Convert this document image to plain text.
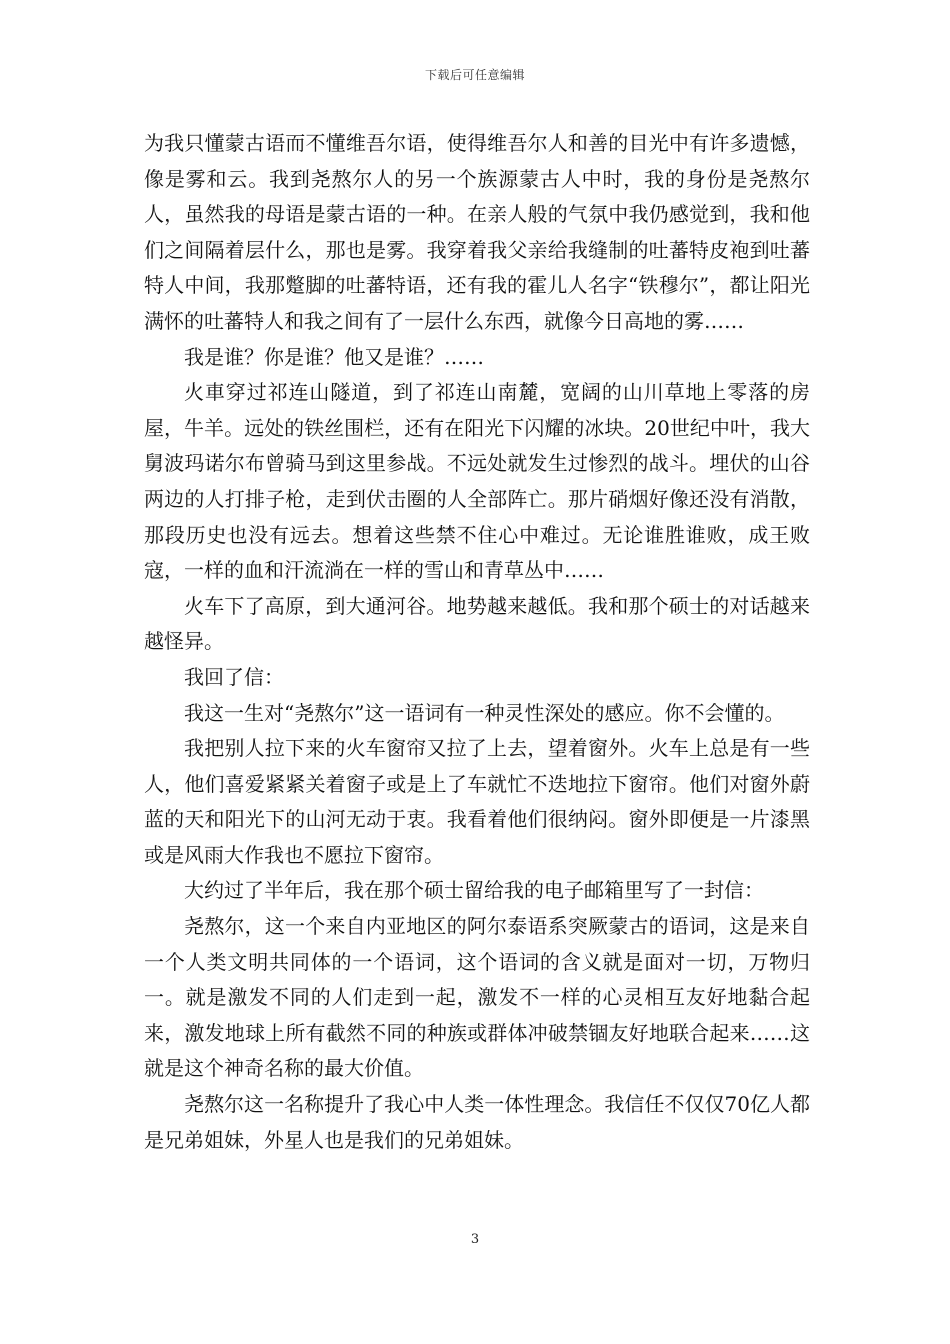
下载后可任意编辑

为我只懂蒙古语而不懂维吾尔语，使得维吾尔人和善的目光中有许多遗憾，像是雾和云。我到尧熬尔人的另一个族源蒙古人中时，我的身份是尧熬尔人，虽然我的母语是蒙古语的一种。在亲人般的气氛中我仍感觉到，我和他们之间隔着层什么，那也是雾。我穿着我父亲给我缝制的吐蕃特皮袍到吐蕃特人中间，我那蹩脚的吐蕃特语，还有我的霍儿人名字“铁穆尔”，都让阳光满怀的吐蕃特人和我之间有了一层什么东西，就像今日高地的雾……

我是谁？你是谁？他又是谁？……

火車穿过祁连山隧道，到了祁连山南麓，宽阔的山川草地上零落的房屋，牛羊。远处的铁丝围栏，还有在阳光下闪耀的冰块。20世纪中叶，我大舅波玛诺尔布曾骑马到这里参战。不远处就发生过惨烈的战斗。埋伏的山谷两边的人打排子枪，走到伏击圈的人全部阵亡。那片硝烟好像还没有消散，那段历史也没有远去。想着这些禁不住心中难过。无论谁胜谁败，成王败寇，一样的血和汗流淌在一样的雪山和青草丛中……

火车下了高原，到大通河谷。地势越来越低。我和那个硕士的对话越来越怪异。

我回了信：

我这一生对“尧熬尔”这一语词有一种灵性深处的感应。你不会懂的。

我把别人拉下来的火车窗帘又拉了上去，望着窗外。火车上总是有一些人，他们喜爱紧紧关着窗子或是上了车就忙不迭地拉下窗帘。他们对窗外蔚蓝的天和阳光下的山河无动于衷。我看着他们很纳闷。窗外即便是一片漆黑或是风雨大作我也不愿拉下窗帘。

大约过了半年后，我在那个硕士留给我的电子邮箱里写了一封信：

尧熬尔，这一个来自内亚地区的阿尔泰语系突厥蒙古的语词，这是来自一个人类文明共同体的一个语词，这个语词的含义就是面对一切，万物归一。就是激发不同的人们走到一起，激发不一样的心灵相互友好地黏合起来，激发地球上所有截然不同的种族或群体冲破禁锢友好地联合起来……这就是这个神奇名称的最大价值。

尧熬尔这一名称提升了我心中人类一体性理念。我信任不仅仅70亿人都是兄弟姐妹，外星人也是我们的兄弟姐妹。

3
